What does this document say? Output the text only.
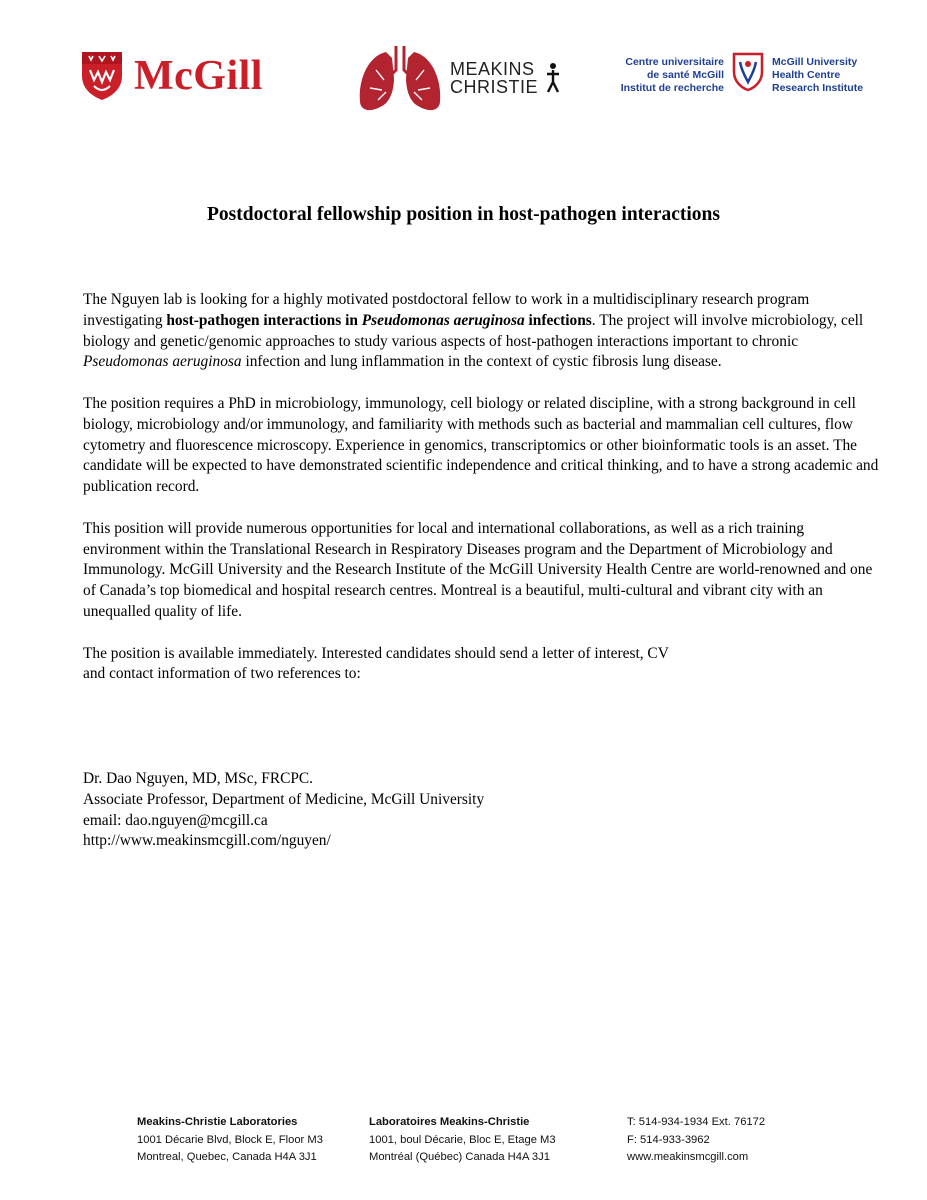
McGill	MEAKINS
CHRISTIE
Centre universitaire
de santé McGill
Institut de recherche
McGill University
Health Centre
Research Institute
Postdoctoral fellowship position in host-pathogen interactions

The Nguyen lab is looking for a highly motivated postdoctoral fellow to work in a multidisciplinary research program investigating host-pathogen interactions in Pseudomonas aeruginosa infections. The project will involve microbiology, cell biology and genetic/genomic approaches to study various aspects of host-pathogen interactions important to chronic Pseudomonas aeruginosa infection and lung inflammation in the context of cystic fibrosis lung disease.

The position requires a PhD in microbiology, immunology, cell biology or related discipline, with a strong background in cell biology, microbiology and/or immunology, and familiarity with methods such as bacterial and mammalian cell cultures, flow cytometry and fluorescence microscopy. Experience in genomics, transcriptomics or other bioinformatic tools is an asset. The candidate will be expected to have demonstrated scientific independence and critical thinking, and to have a strong academic and publication record.

This position will provide numerous opportunities for local and international collaborations, as well as a rich training environment within the Translational Research in Respiratory Diseases program and the Department of Microbiology and Immunology. McGill University and the Research Institute of the McGill University Health Centre are world-renowned and one of Canada’s top biomedical and hospital research centres. Montreal is a beautiful, multi-cultural and vibrant city with an unequalled quality of life.

The position is available immediately. Interested candidates should send a letter of interest, CV
and contact information of two references to:

Dr. Dao Nguyen, MD, MSc, FRCPC.
Associate Professor, Department of Medicine, McGill University
email: dao.nguyen@mcgill.ca
http://www.meakinsmcgill.com/nguyen/
Meakins-Christie Laboratories
1001 Décarie Blvd, Block E, Floor M3
Montreal, Quebec, Canada H4A 3J1
Laboratoires Meakins-Christie
1001, boul Décarie, Bloc E, Etage M3
Montréal (Québec) Canada H4A 3J1
T: 514-934-1934 Ext. 76172
F: 514-933-3962
www.meakinsmcgill.com
